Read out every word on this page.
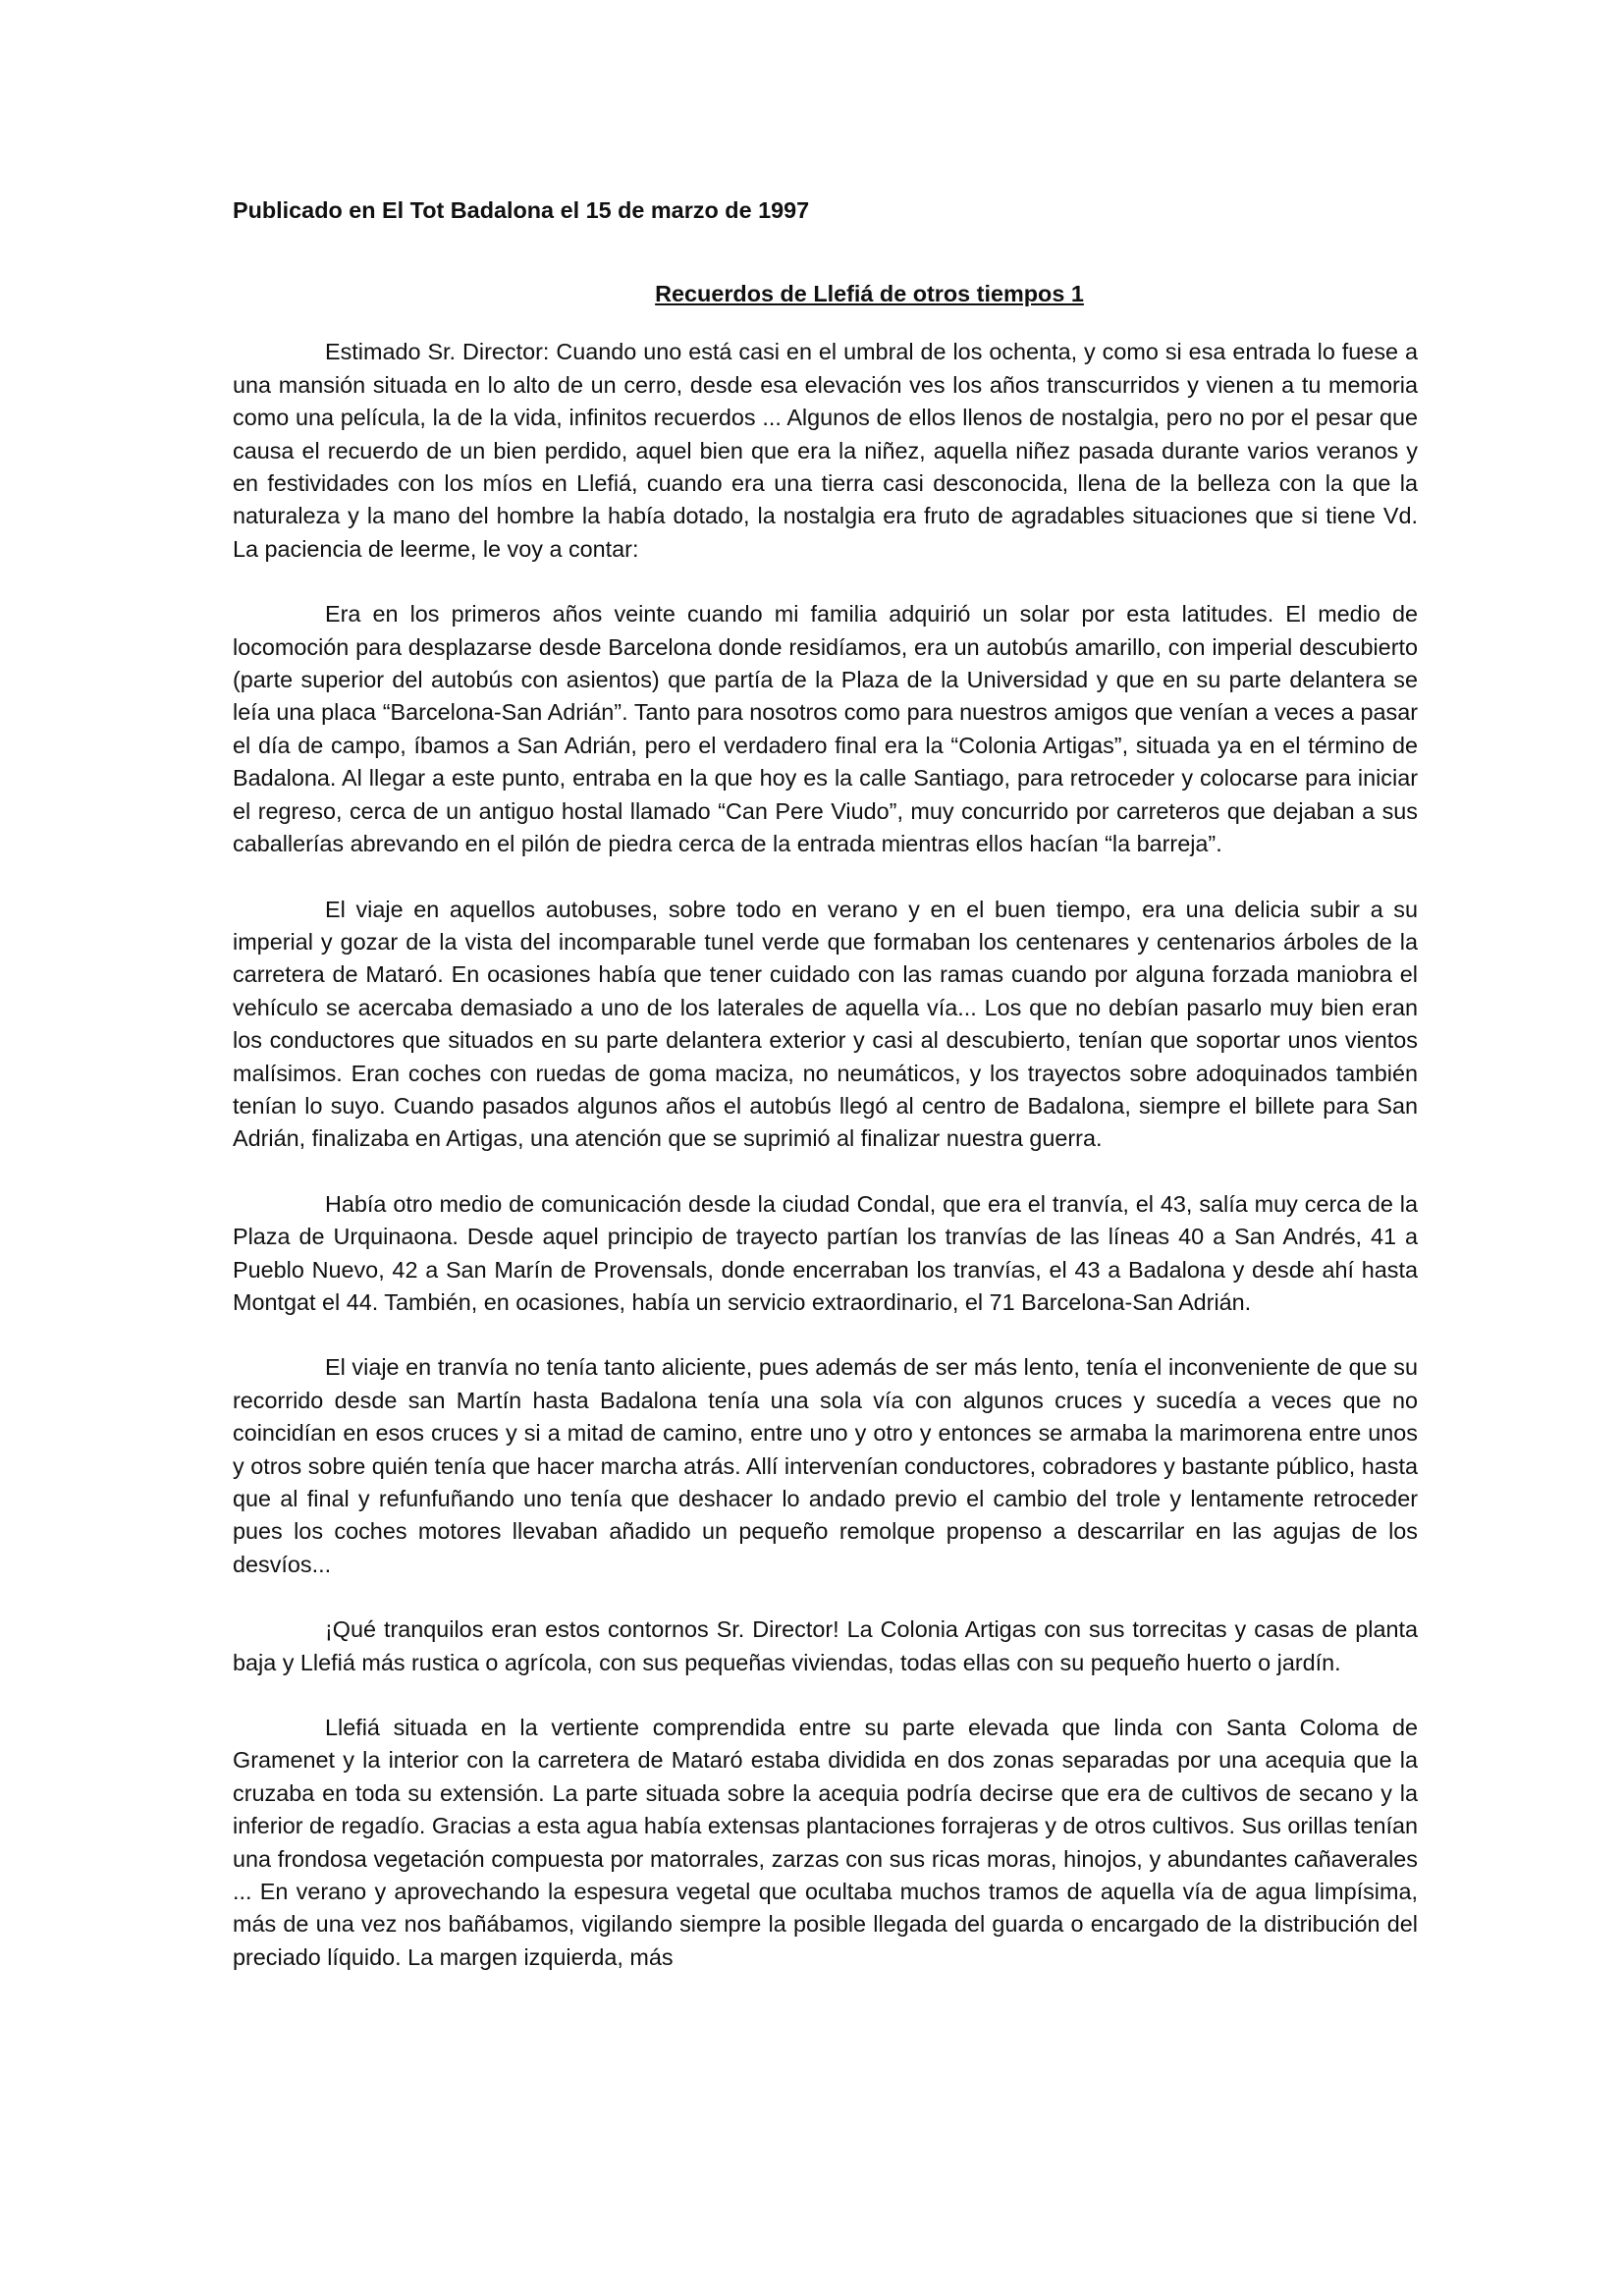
Publicado en El Tot Badalona el 15 de marzo de 1997

Recuerdos de Llefiá de otros tiempos 1

Estimado Sr. Director: Cuando uno está casi en el umbral de los ochenta, y como si esa entrada lo fuese a una mansión situada en lo alto de un cerro, desde esa elevación ves los años transcurridos y vienen a tu memoria como una película, la de la vida, infinitos recuerdos ... Algunos de ellos llenos de nostalgia, pero no por el pesar que causa el recuerdo de un bien perdido, aquel bien que era la niñez, aquella niñez pasada durante varios veranos y en festividades con los míos en Llefiá, cuando era una tierra casi desconocida, llena de la belleza con la que la naturaleza y la mano del hombre la había dotado, la nostalgia era fruto de agradables situaciones que si tiene Vd. La paciencia de leerme, le voy a contar:

Era en los primeros años veinte cuando mi familia adquirió un solar por esta latitudes. El medio de locomoción para desplazarse desde Barcelona donde residíamos, era un autobús amarillo, con imperial descubierto (parte superior del autobús con asientos) que partía de la Plaza de la Universidad y que en su parte delantera se leía una placa “Barcelona-San Adrián”. Tanto para nosotros como para nuestros amigos que venían a veces a pasar el día de campo, íbamos a San Adrián, pero el verdadero final era la “Colonia Artigas”, situada ya en el término de Badalona. Al llegar a este punto, entraba en la que hoy es la calle Santiago, para retroceder y colocarse para iniciar el regreso, cerca de un antiguo hostal llamado “Can Pere Viudo”, muy concurrido por carreteros que dejaban a sus caballerías abrevando en el pilón de piedra cerca de la entrada mientras ellos hacían “la barreja”.

El viaje en aquellos autobuses, sobre todo en verano y en el buen tiempo, era una delicia subir a su imperial y gozar de la vista del incomparable tunel verde que formaban los centenares y centenarios árboles de la carretera de Mataró. En ocasiones había que tener cuidado con las ramas cuando por alguna forzada maniobra el vehículo se acercaba demasiado a uno de los laterales de aquella vía... Los que no debían pasarlo muy bien eran los conductores que situados en su parte delantera exterior y casi al descubierto, tenían que soportar unos vientos malísimos. Eran coches con ruedas de goma maciza, no neumáticos, y los trayectos sobre adoquinados también tenían lo suyo. Cuando pasados algunos años el autobús llegó al centro de Badalona, siempre el billete para San Adrián, finalizaba en Artigas, una atención que se suprimió al finalizar nuestra guerra.

Había otro medio de comunicación desde la ciudad Condal, que era el tranvía, el 43, salía muy cerca de la Plaza de Urquinaona. Desde aquel principio de trayecto partían los tranvías de las líneas 40 a San Andrés, 41 a Pueblo Nuevo, 42 a San Marín de Provensals, donde encerraban los tranvías, el 43 a Badalona y desde ahí hasta Montgat el 44. También, en ocasiones, había un servicio extraordinario, el 71 Barcelona-San Adrián.

El viaje en tranvía no tenía tanto aliciente, pues además de ser más lento, tenía el inconveniente de que su recorrido desde san Martín hasta Badalona tenía una sola vía con algunos cruces y sucedía a veces que no coincidían en esos cruces y si a mitad de camino, entre uno y otro y entonces se armaba la marimorena entre unos y otros sobre quién tenía que hacer marcha atrás. Allí intervenían conductores, cobradores y bastante público, hasta que al final y refunfuñando uno tenía que deshacer lo andado previo el cambio del trole y lentamente retroceder pues los coches motores llevaban añadido un pequeño remolque propenso a descarrilar en las agujas de los desvíos...

¡Qué tranquilos eran estos contornos Sr. Director! La Colonia Artigas con sus torrecitas y casas de planta baja y Llefiá más rustica o agrícola, con sus pequeñas viviendas, todas ellas con su pequeño huerto o jardín.

Llefiá situada en la vertiente comprendida entre su parte elevada que linda con Santa Coloma de Gramenet y la interior con la carretera de Mataró estaba dividida en dos zonas separadas por una acequia que la cruzaba en toda su extensión. La parte situada sobre la acequia podría decirse que era de cultivos de secano y la inferior de regadío. Gracias a esta agua había extensas plantaciones forrajeras y de otros cultivos. Sus orillas tenían una frondosa vegetación compuesta por matorrales, zarzas con sus ricas moras, hinojos, y abundantes cañaverales ... En verano y aprovechando la espesura vegetal que ocultaba muchos tramos de aquella vía de agua limpísima, más de una vez nos bañábamos, vigilando siempre la posible llegada del guarda o encargado de la distribución del preciado líquido. La margen izquierda, más
